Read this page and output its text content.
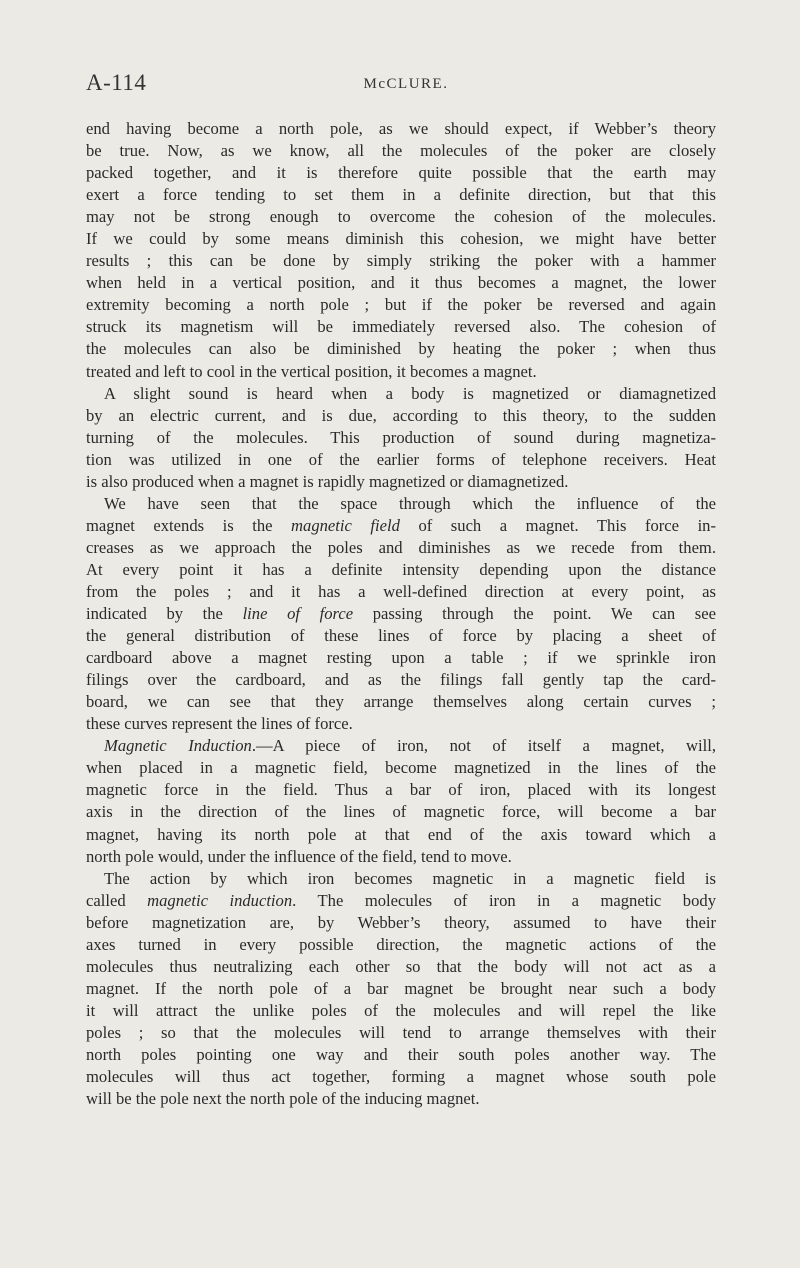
A-114	McCLURE.
end having become a north pole, as we should expect, if Webber’s theory
be true. Now, as we know, all the molecules of the poker are closely
packed together, and it is therefore quite possible that the earth may
exert a force tending to set them in a definite direction, but that this
may not be strong enough to overcome the cohesion of the molecules.
If we could by some means diminish this cohesion, we might have better
results ; this can be done by simply striking the poker with a hammer
when held in a vertical position, and it thus becomes a magnet, the lower
extremity becoming a north pole ; but if the poker be reversed and again
struck its magnetism will be immediately reversed also. The cohesion of
the molecules can also be diminished by heating the poker ; when thus
treated and left to cool in the vertical position, it becomes a magnet.
A slight sound is heard when a body is magnetized or diamagnetized
by an electric current, and is due, according to this theory, to the sudden
turning of the molecules. This production of sound during magnetiza-
tion was utilized in one of the earlier forms of telephone receivers. Heat
is also produced when a magnet is rapidly magnetized or diamagnetized.
We have seen that the space through which the influence of the
magnet extends is the magnetic field of such a magnet. This force in-
creases as we approach the poles and diminishes as we recede from them.
At every point it has a definite intensity depending upon the distance
from the poles ; and it has a well-defined direction at every point, as
indicated by the line of force passing through the point. We can see
the general distribution of these lines of force by placing a sheet of
cardboard above a magnet resting upon a table ; if we sprinkle iron
filings over the cardboard, and as the filings fall gently tap the card-
board, we can see that they arrange themselves along certain curves ;
these curves represent the lines of force.
Magnetic Induction.—A piece of iron, not of itself a magnet, will,
when placed in a magnetic field, become magnetized in the lines of the
magnetic force in the field. Thus a bar of iron, placed with its longest
axis in the direction of the lines of magnetic force, will become a bar
magnet, having its north pole at that end of the axis toward which a
north pole would, under the influence of the field, tend to move.
The action by which iron becomes magnetic in a magnetic field is
called magnetic induction. The molecules of iron in a magnetic body
before magnetization are, by Webber’s theory, assumed to have their
axes turned in every possible direction, the magnetic actions of the
molecules thus neutralizing each other so that the body will not act as a
magnet. If the north pole of a bar magnet be brought near such a body
it will attract the unlike poles of the molecules and will repel the like
poles ; so that the molecules will tend to arrange themselves with their
north poles pointing one way and their south poles another way. The
molecules will thus act together, forming a magnet whose south pole
will be the pole next the north pole of the inducing magnet.
